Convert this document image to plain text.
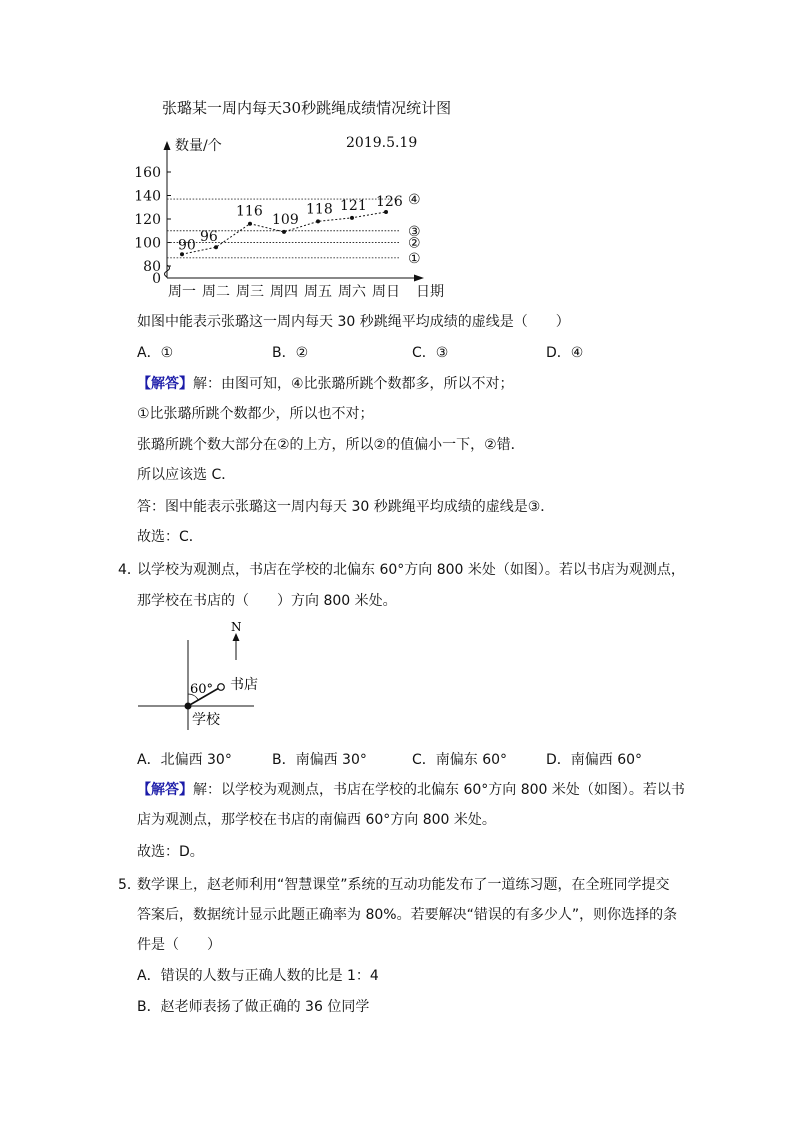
张璐某一周内每天30秒跳绳成绩情况统计图
160
140
120
100
80
0
数量/个	2019.5.19
日期
周一 周二 周三 周四 周五 周六 周日
①
②
③
④
90
96
116
109
118 121 126
如图中能表示张璐这一周内每天 30 秒跳绳平均成绩的虚线是（　　）
A．①	B．②	C．③	D．④
【解答】解：由图可知，④比张璐所跳个数都多，所以不对；
①比张璐所跳个数都少，所以也不对；
张璐所跳个数大部分在②的上方，所以②的值偏小一下，②错．
所以应该选 C．
答：图中能表示张璐这一周内每天 30 秒跳绳平均成绩的虚线是③．
故选：C．
4．
以学校为观测点，书店在学校的北偏东 60°方向 800 米处（如图）。若以书店为观测点，
那学校在书店的（　　）方向 800 米处。
N
60° 书店
学校
A．北偏西 30°	B．南偏西 30°	C．南偏东 60°	D．南偏西 60°
【解答】解：以学校为观测点，书店在学校的北偏东 60°方向 800 米处（如图）。若以书
店为观测点，那学校在书店的南偏西 60°方向 800 米处。
故选：D。
5．
数学课上，赵老师利用“智慧课堂”系统的互动功能发布了一道练习题，在全班同学提交
答案后，数据统计显示此题正确率为 80%。若要解决“错误的有多少人”，则你选择的条
件是（　　）
A．错误的人数与正确人数的比是 1：4
B．赵老师表扬了做正确的 36 位同学
